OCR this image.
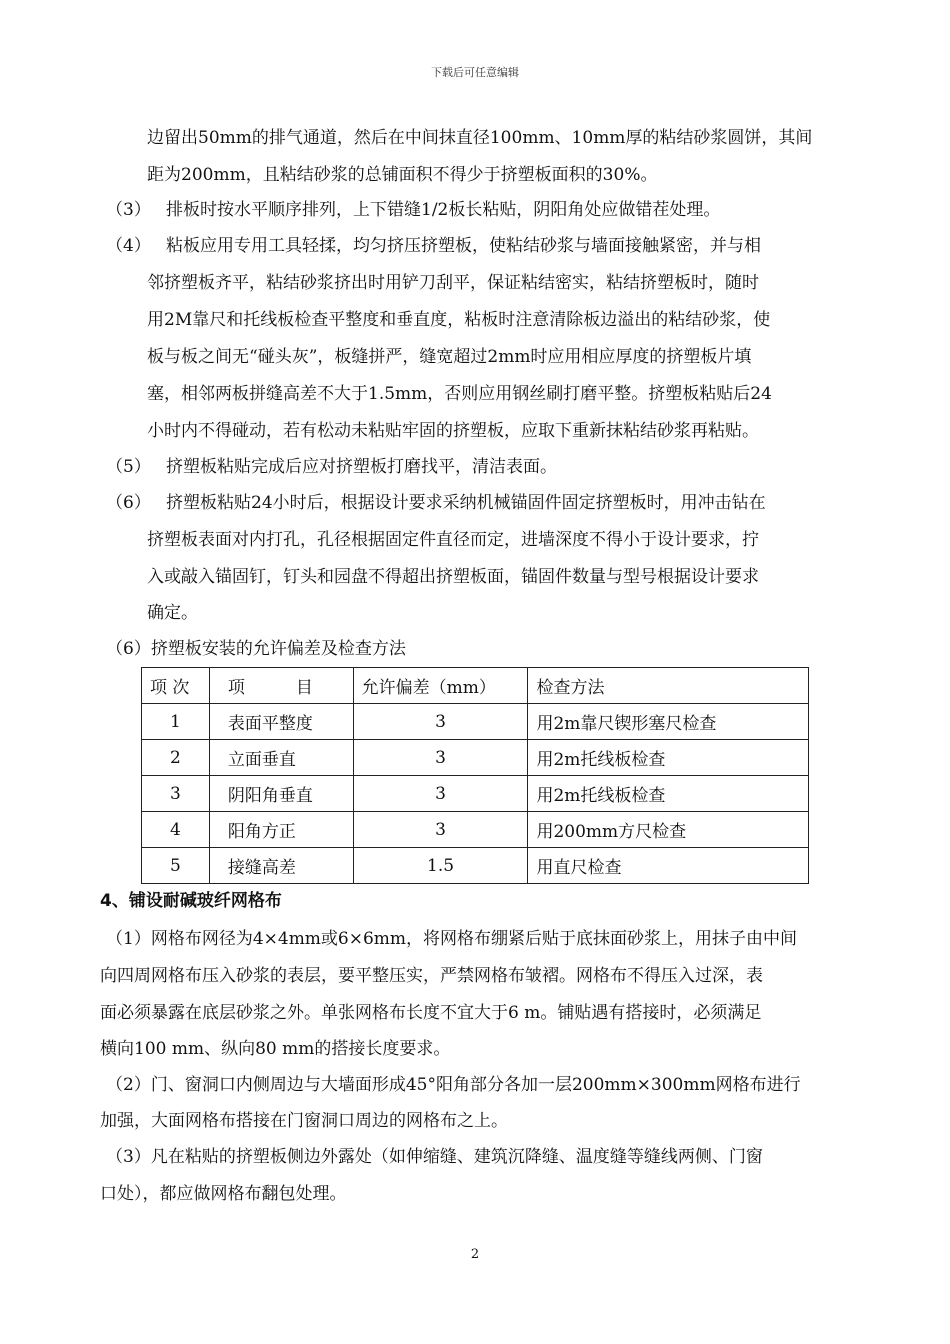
下载后可任意编辑
边留出50mm的排气通道，然后在中间抹直径100mm、10mm厚的粘结砂浆圆饼，其间
距为200mm，且粘结砂浆的总铺面积不得少于挤塑板面积的30%。
（3） 排板时按水平顺序排列，上下错缝1/2板长粘贴，阴阳角处应做错茬处理。
（4） 粘板应用专用工具轻揉，均匀挤压挤塑板，使粘结砂浆与墙面接触紧密，并与相
邻挤塑板齐平，粘结砂浆挤出时用铲刀刮平，保证粘结密实，粘结挤塑板时，随时
用2M靠尺和托线板检查平整度和垂直度，粘板时注意清除板边溢出的粘结砂浆，使
板与板之间无“碰头灰”，板缝拼严，缝宽超过2mm时应用相应厚度的挤塑板片填
塞，相邻两板拼缝高差不大于1.5mm，否则应用钢丝刷打磨平整。挤塑板粘贴后24
小时内不得碰动，若有松动未粘贴牢固的挤塑板，应取下重新抹粘结砂浆再粘贴。
（5） 挤塑板粘贴完成后应对挤塑板打磨找平，清洁表面。
（6） 挤塑板粘贴24小时后，根据设计要求采纳机械锚固件固定挤塑板时，用冲击钻在
挤塑板表面对内打孔，孔径根据固定件直径而定，进墙深度不得小于设计要求，拧
入或敲入锚固钉，钉头和园盘不得超出挤塑板面，锚固件数量与型号根据设计要求
确定。
（6）挤塑板安装的允许偏差及检查方法
项 次	项　　　目	允许偏差（mm）	检查方法
1	表面平整度	3	用2m靠尺锲形塞尺检查
2	立面垂直	3	用2m托线板检查
3	阴阳角垂直	3	用2m托线板检查
4	阳角方正	3	用200mm方尺检查
5	接缝高差	1.5	用直尺检查
4、铺设耐碱玻纤网格布
（1）网格布网径为4×4mm或6×6mm，将网格布绷紧后贴于底抹面砂浆上，用抹子由中间
向四周网格布压入砂浆的表层，要平整压实，严禁网格布皱褶。网格布不得压入过深，表
面必须暴露在底层砂浆之外。单张网格布长度不宜大于6 m。铺贴遇有搭接时，必须满足
横向100 mm、纵向80 mm的搭接长度要求。
（2）门、窗洞口内侧周边与大墙面形成45°阳角部分各加一层200mm×300mm网格布进行
加强，大面网格布搭接在门窗洞口周边的网格布之上。
（3）凡在粘贴的挤塑板侧边外露处（如伸缩缝、建筑沉降缝、温度缝等缝线两侧、门窗
口处），都应做网格布翻包处理。
2
